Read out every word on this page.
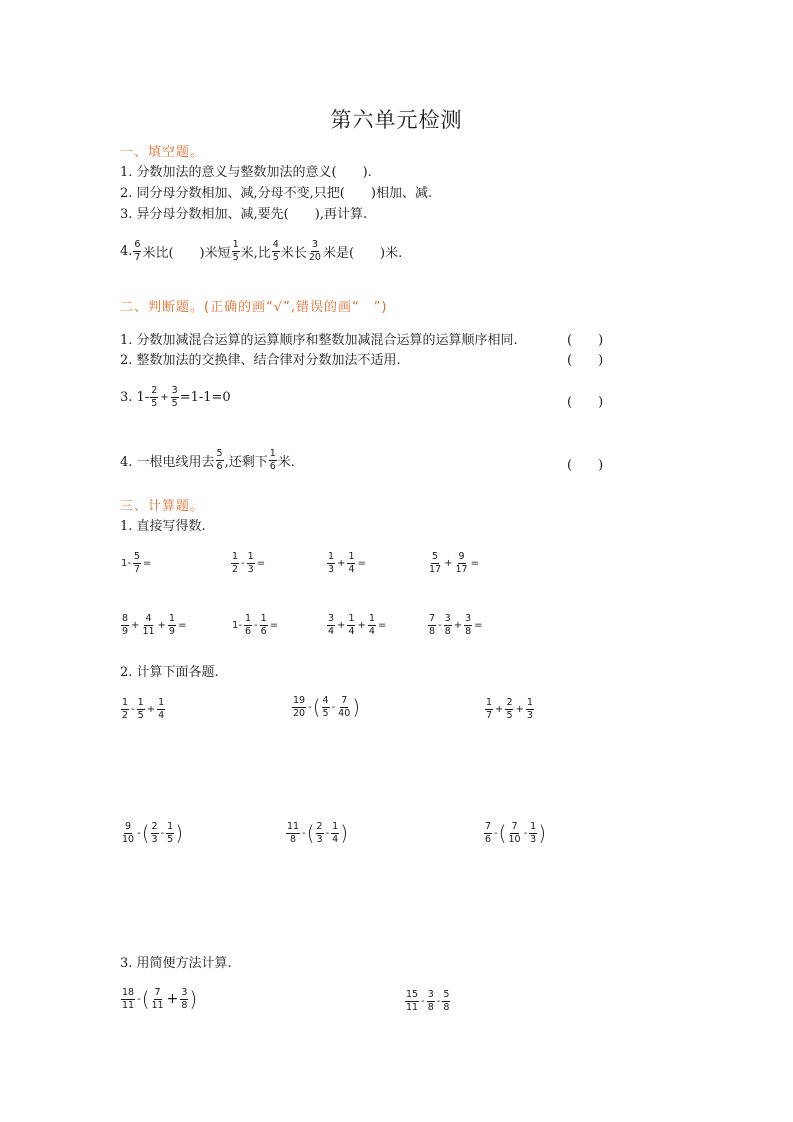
第六单元检测
一、填空题。
1. 分数加法的意义与整数加法的意义(　　).
2. 同分母分数相加、减,分母不变,只把(　　)相加、减.
3. 异分母分数相加、减,要先(　　),再计算.
4. $\frac{6}{7}$ 米比(　　)米短 $\frac{1}{5}$ 米,比 $\frac{4}{5}$ 米长 $\frac{3}{20}$ 米是(　　)米.
二、判断题。(正确的画“√”,错误的画“　”)
1. 分数加减混合运算的运算顺序和整数加减混合运算的运算顺序相同.	(　　)
2. 整数加法的交换律、结合律对分数加法不适用.	(　　)
3. $1- \frac{2}{5} + \frac{3}{5} =1-1=0$	(　　)
4. 一根电线用去 $\frac{5}{6}$ ,还剩下 $\frac{1}{6}$ 米.	(　　)
三、计算题。
1. 直接写得数.
$1- \frac{5}{7}$ =	$\frac{1}{2} - \frac{1}{3}$ =	$\frac{1}{3} + \frac{1}{4}$ =	$\frac{5}{17} + \frac{9}{17}$ =
$\frac{8}{9} + \frac{4}{11} + \frac{1}{9}$ =	$1- \frac{1}{6} - \frac{1}{6}$ =	$\frac{3}{4} + \frac{1}{4} + \frac{1}{4}$ =	$\frac{7}{8} - \frac{3}{8} + \frac{3}{8}$ =
2. 计算下面各题.
$\frac{1}{2} - \frac{1}{5} + \frac{1}{4}$	$\frac{19}{20}$ - ( $\frac{4}{5} - \frac{7}{40}$ )	$\frac{1}{7} + \frac{2}{5} + \frac{1}{3}$
$\frac{9}{10}$ - ( $\frac{2}{3} - \frac{1}{5}$ )	$\frac{11}{8}$ - ( $\frac{2}{3} - \frac{1}{4}$ )	$\frac{7}{6}$ - ( $\frac{7}{10} - \frac{1}{3}$ )
3. 用简便方法计算.
$\frac{18}{11}$ - ( $\frac{7}{11} + \frac{3}{8}$ )	$\frac{15}{11} - \frac{3}{8} - \frac{5}{8}$
